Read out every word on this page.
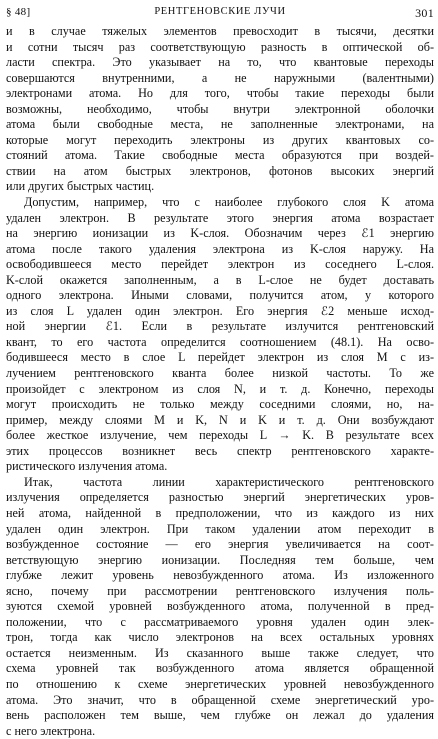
§ 48]	РЕНТГЕНОВСКИЕ ЛУЧИ	301
и в случае тяжелых элементов превосходит в тысячи, десятки
и сотни тысяч раз соответствующую разность в оптической об-
ласти спектра. Это указывает на то, что квантовые переходы
совершаются внутренними, а не наружными (валентными)
электронами атома. Но для того, чтобы такие переходы были
возможны, необходимо, чтобы внутри электронной оболочки
атома были свободные места, не заполненные электронами, на
которые могут переходить электроны из других квантовых со-
стояний атома. Такие свободные места образуются при воздей-
ствии на атом быстрых электронов, фотонов высоких энергий
или других быстрых частиц.
Допустим, например, что с наиболее глубокого слоя K атома
удален электрон. В результате этого энергия атома возрастает
на энергию ионизации из K-слоя. Обозначим через ℰ1 энергию
атома после такого удаления электрона из K-слоя наружу. На
освободившееся место перейдет электрон из соседнего L-слоя.
K-слой окажется заполненным, а в L-слое не будет доставать
одного электрона. Иными словами, получится атом, у которого
из слоя L удален один электрон. Его энергия ℰ2 меньше исход-
ной энергии ℰ1. Если в результате излучится рентгеновский
квант, то его частота определится соотношением (48.1). На осво-
бодившееся место в слое L перейдет электрон из слоя M с из-
лучением рентгеновского кванта более низкой частоты. То же
произойдет с электроном из слоя N, и т. д. Конечно, переходы
могут происходить не только между соседними слоями, но, на-
пример, между слоями M и K, N и K и т. д. Они возбуждают
более жесткое излучение, чем переходы L → K. В результате всех
этих процессов возникнет весь спектр рентгеновского характе-
ристического излучения атома.
Итак, частота линии характеристического рентгеновского
излучения определяется разностью энергий энергетических уров-
ней атома, найденной в предположении, что из каждого из них
удален один электрон. При таком удалении атом переходит в
возбужденное состояние — его энергия увеличивается на соот-
ветствующую энергию ионизации. Последняя тем больше, чем
глубже лежит уровень невозбужденного атома. Из изложенного
ясно, почему при рассмотрении рентгеновского излучения поль-
зуются схемой уровней возбужденного атома, полученной в пред-
положении, что с рассматриваемого уровня удален один элек-
трон, тогда как число электронов на всех остальных уровнях
остается неизменным. Из сказанного выше также следует, что
схема уровней так возбужденного атома является обращенной
по отношению к схеме энергетических уровней невозбужденного
атома. Это значит, что в обращенной схеме энергетический уро-
вень расположен тем выше, чем глубже он лежал до удаления
с него электрона.
